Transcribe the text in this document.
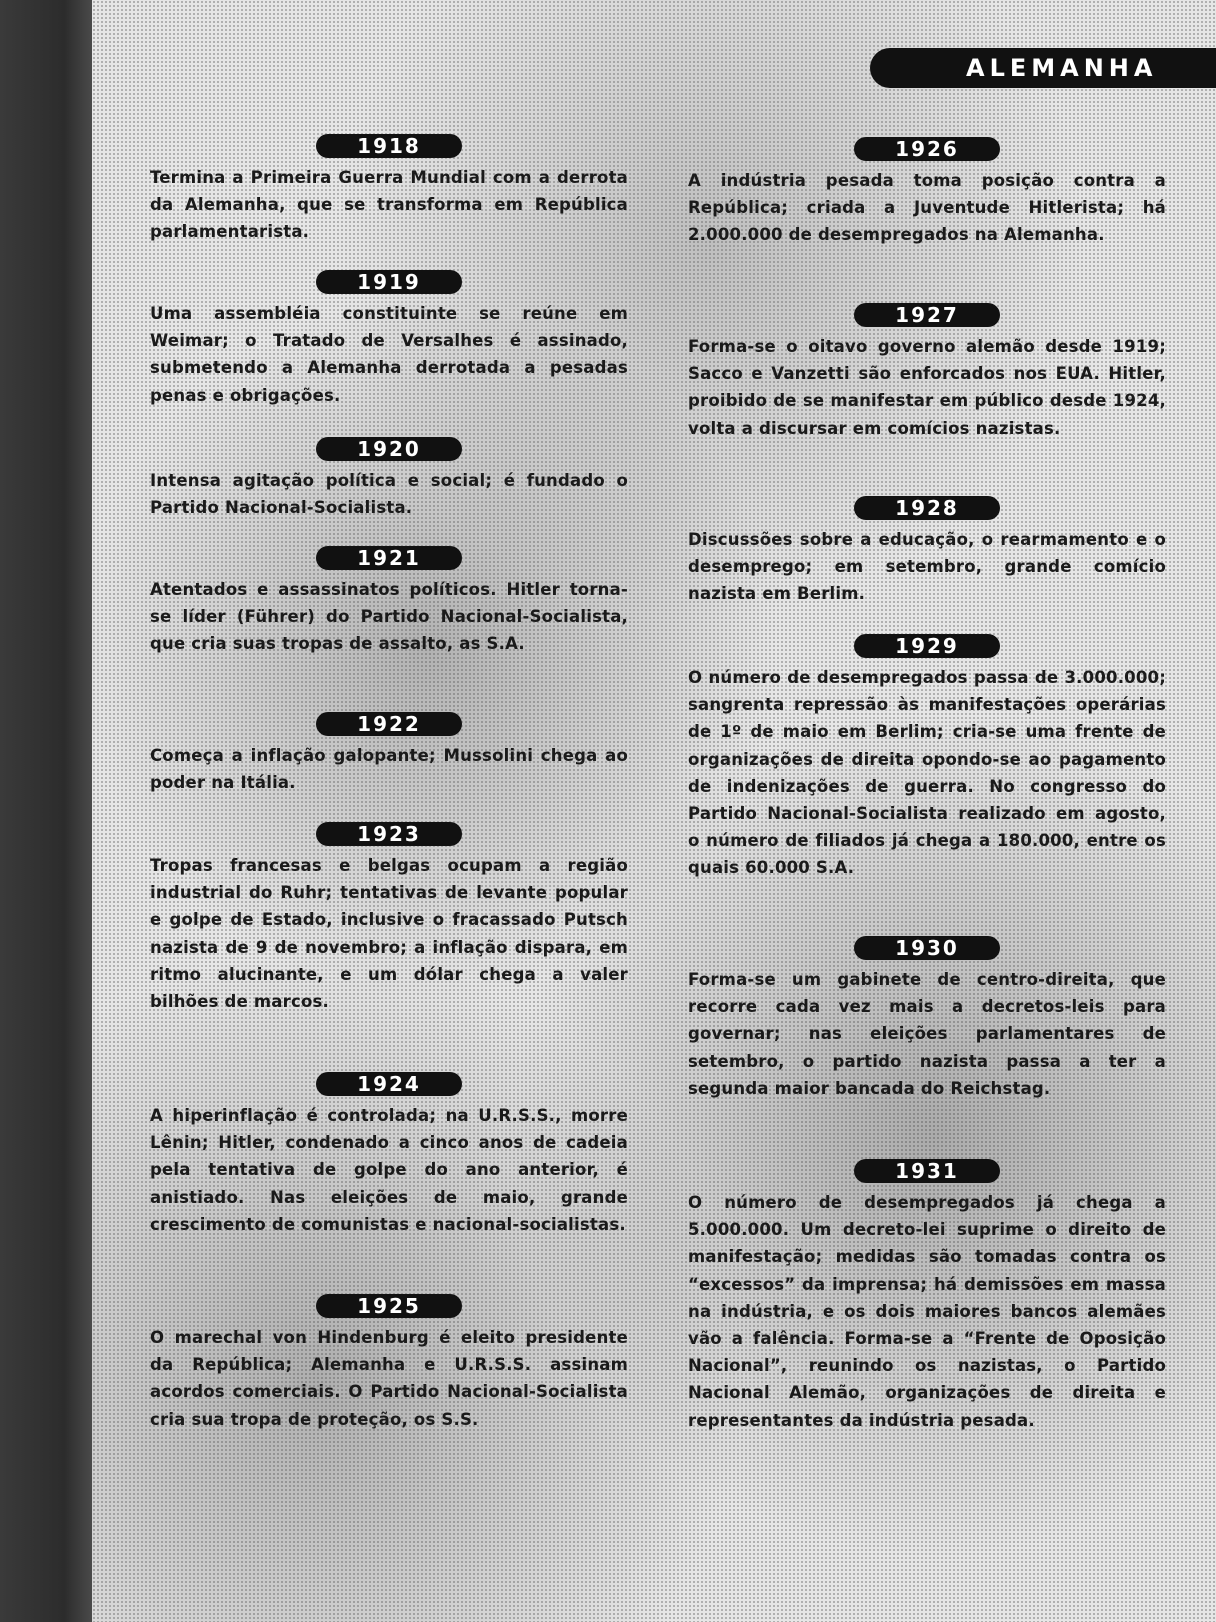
ALEMANHA
1918
Termina a Primeira Guerra Mundial com a derrota da Alemanha, que se transforma em República parlamentarista.
1919
Uma assembléia constituinte se reúne em Weimar; o Tratado de Versalhes é assinado, submetendo a Alemanha derrotada a pesadas penas e obrigações.
1920
Intensa agitação política e social; é fundado o Partido Nacional-Socialista.
1921
Atentados e assassinatos políticos. Hitler torna-se líder (Führer) do Partido Nacional-Socialista, que cria suas tropas de assalto, as S.A.
1922
Começa a inflação galopante; Mussolini chega ao poder na Itália.
1923
Tropas francesas e belgas ocupam a região industrial do Ruhr; tentativas de levante popular e golpe de Estado, inclusive o fracassado Putsch nazista de 9 de novembro; a inflação dispara, em ritmo alucinante, e um dólar chega a valer bilhões de marcos.
1924
A hiperinflação é controlada; na U.R.S.S., morre Lênin; Hitler, condenado a cinco anos de cadeia pela tentativa de golpe do ano anterior, é anistiado. Nas eleições de maio, grande crescimento de comunistas e nacional-socialistas.
1925
O marechal von Hindenburg é eleito presidente da República; Alemanha e U.R.S.S. assinam acordos comerciais. O Partido Nacional-Socialista cria sua tropa de proteção, os S.S.
1926
A indústria pesada toma posição contra a República; criada a Juventude Hitlerista; há 2.000.000 de desempregados na Alemanha.
1927
Forma-se o oitavo governo alemão desde 1919; Sacco e Vanzetti são enforcados nos EUA. Hitler, proibido de se manifestar em público desde 1924, volta a discursar em comícios nazistas.
1928
Discussões sobre a educação, o rearmamento e o desemprego; em setembro, grande comício nazista em Berlim.
1929
O número de desempregados passa de 3.000.000; sangrenta repressão às manifestações operárias de 1º de maio em Berlim; cria-se uma frente de organizações de direita opondo-se ao pagamento de indenizações de guerra. No congresso do Partido Nacional-Socialista realizado em agosto, o número de filiados já chega a 180.000, entre os quais 60.000 S.A.
1930
Forma-se um gabinete de centro-direita, que recorre cada vez mais a decretos-leis para governar; nas eleições parlamentares de setembro, o partido nazista passa a ter a segunda maior bancada do Reichstag.
1931
O número de desempregados já chega a 5.000.000. Um decreto-lei suprime o direito de manifestação; medidas são tomadas contra os “excessos” da imprensa; há demissões em massa na indústria, e os dois maiores bancos alemães vão a falência. Forma-se a “Frente de Oposição Nacional”, reunindo os nazistas, o Partido Nacional Alemão, organizações de direita e representantes da indústria pesada.
